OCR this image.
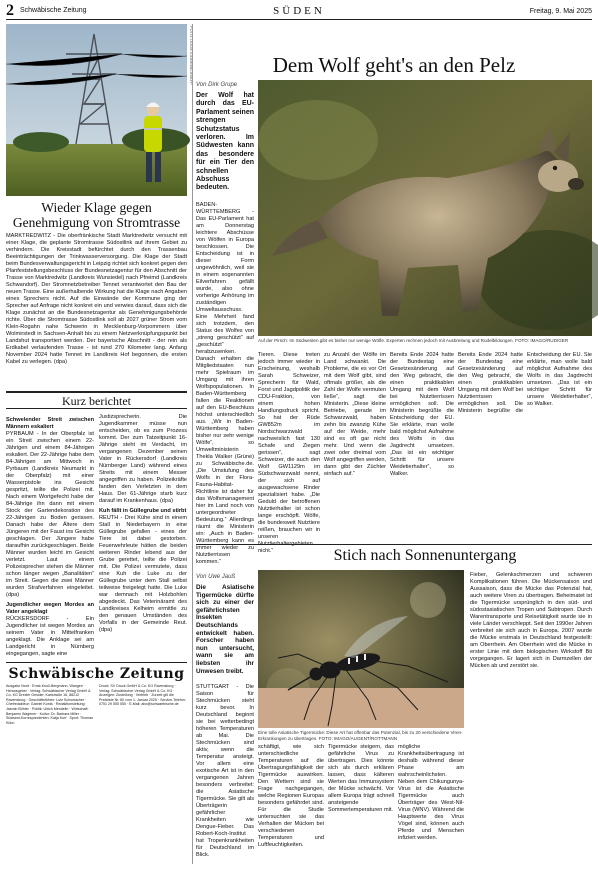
2 Schwäbische Zeitung	SÜDEN	Freitag, 9. Mai 2025
Wieder Klage gegen Genehmigung von Stromtrasse

MARKTREDWITZ - Die oberfränkische Stadt Marktredwitz versucht mit einer Klage, die geplante Stromtrasse Südostlink auf ihrem Gebiet zu verhindern. Die Kreisstadt befürchtet durch den Trassenbau Beeinträchtigungen der Trinkwasserversorgung. Die Klage der Stadt beim Bundesverwaltungsgericht in Leipzig richtet sich konkret gegen den Planfeststellungsbeschluss der Bundesnetzagentur für den Abschnitt der Trasse von Marktredwitz (Landkreis Wunsiedel) nach Pfreimd (Landkreis Schwandorf). Der Stromnetzbetreiber Tennet verantwortet den Bau der neuen Trasse. Eine außerhalbende Wirkung hat die Klage nach Angaben eines Sprechers nicht. Auf die Einwände der Kommune ging der Sprecher auf Anfrage nicht konkret ein und verwies darauf, dass sich die Klage zunächst an die Bundesnetzagentur als Genehmigungsbehörde richte. Über die Stromtrasse Südostlink soll ab 2027 grüner Strom vom Klein-Rogahn nahe Schwerin in Mecklenburg-Vorpommern über Wolmirstedt in Sachsen-Anhalt bis zu einem Netzverknüpfungspunkt bei Landshut transportiert werden. Der bayerische Abschnitt - der rein als Erdkabel verlaufenden Trasse - ist rund 270 Kilometer lang. Anfang November 2024 hatte Tennet im Landkreis Hof begonnen, die ersten Kabel zu verlegen. (dpa)

Kurz berichtet
Schwelender Streit zwischen Männern eskaliert
PYRBAUM - In der Oberpfalz ist ein Streit zwischen einem 22-Jährigen und einem 84-Jährigen eskaliert. Der 22-Jährige habe dem 84-Jährigen am Mittwoch in Pyrbaum (Landkreis Neumarkt in der Oberpfalz) mit einer Wasserpistole ins Gesicht gespritzt, teilte die Polizei mit. Nach einem Wortgefecht habe der 84-Jährige ihn dann mit einem Stock der Gartendekoration des 22-Jährigen zu Boden gerissen. Danach habe der Ältere dem Jüngeren mit der Faust ins Gesicht geschlagen. Der Jüngere habe daraufhin zurückgeschlagen. Beide Männer wurden leicht im Gesicht verletzt. Laut einem Polizeisprecher stehen die Männer schon länger wegen „Banalitäten“ im Streit. Gegen die zwei Männer wurden Strafverfahren eingeleitet. (dpa)
Jugendlicher wegen Mordes an Vater angeklagt
RÜCKERSDORF - Ein Jugendlicher ist wegen Mordes an seinem Vater in Mittelfranken angeklagt. Die Anklage sei am Landgericht in Nürnberg eingegangen, sagte eine
Justizsprecherin. Die Jugendkammer müsse nun entscheiden, ob es zum Prozess kommt. Der zum Tatzeitpunkt 16-Jährige steht im Verdacht, im vergangenen Dezember seinen Vater in Rückersdorf (Landkreis Nürnberger Land) während eines Streits mit einem Messer angegriffen zu haben. Polizeikräfte fanden den Verletzten in dem Haus. Der 61-Jährige starb kurz darauf im Krankenhaus. (dpa)
Kuh fällt in Güllegrube und stirbt
REUTH - Drei Kühe sind in einem Stall in Niederbayern in eine Güllegrube gefallen - eines der Tiere ist dabei gestorben. Feuerwehrleute hätten die beiden weiteren Rinder lebend aus der Grube gerettet, teilte die Polizei mit. Die Polizei vermutete, dass eine Kuh die Luke zu der Güllegrube unter dem Stall selbst teilweise freigelegt hatte. Die Luke war demnach mit Holzbohlen abgedeckt. Das Veterinäramt des Landkreises Kelheim ermittle zu den genauen Umständen des Vorfalls in der Gemeinde Reut. (dpa)
Schwäbische Zeitung
Ausgabe Nord · Ernst-Knoll-Bergmann, Wangen · Herausgeber · Verlag: Schwäbischer Verlag GmbH & Co. KG Drexler Gessler, Karlstraße 16, 88212 Ravensburg · Geschäftsführer: Lutz Schumacher · Chefredakteur: Gabriel Kords · Redaktionsleitung: Jasmin Bühler · Politik: Ulrich Mendelin · Wirtschaft: Benjamin Wagener · Kultur: Dr. Barbara Miller · Südwest-Korrespondenten: Katja Korf · Sport: Thomas Kühn
Druck: SV Druck GmbH & Co. KG Ravensburg · Verlag: Schwäbischer Verlag GmbH & Co. KG · Anzeigen: Zustellung · Vertrieb · Zurzeit gilt die Preisliste Nr. 60 vom 1. Januar 2025 · Service-Telefon: 0751 29 555 555 · E-Mail: abo@schwaebische.de
Dem Wolf geht's an den Pelz
Von Dirk Grupe
Der Wolf hat durch das EU-Parlament seinen strengen Schutzstatus verloren. Im Südwesten kann das besondere für ein Tier den schnellen Abschuss bedeuten.
BADEN-WÜRTTEMBERG - Das EU-Parlament hat am Donnerstag leichtere Abschüsse von Wölfen in Europa beschlossen. Die Entscheidung ist in dieser Form ungewöhnlich, weil sie in einem sogenannten Eilverfahren gefällt wurde, also ohne vorherige Anhörung im zuständigen Umweltausschuss. Eine Mehrheit fand sich trotzdem, den Status des Wolfes von „streng geschützt“ auf „geschützt“ herabzusenken. Danach erhalten die Mitgliedstaaten nun mehr Spielraum im Umgang mit ihren Wolfspopulationen. In Baden-Württemberg fallen die Reaktionen auf den EU-Beschluss höchst unterschiedlich aus. „Wir in Baden-Württemberg haben bisher nur sehr wenige Wölfe“, so Umweltministerin Thekla Walker (Grüne) zu Schwäbische.de. „Die Umstufung des Wolfs in der Flora-Fauna-Habitat-Richtlinie ist daher für das Wolfsmanagement hier im Land noch von untergeordneter Bedeutung.“ Allerdings räumt die Ministerin ein: „Auch in Baden-Württemberg kann es immer wieder zu Nutztierrissen kommen.“
Auf der Pirsch: Im Südwesten gibt es bisher nur wenige Wölfe. Experten rechnen jedoch mit Ausbreitung und Rudelbildungen. FOTO: IMAGO/RUDIGER
Tieren. Diese treten jedoch immer wieder in Erscheinung, weshalb Sarah Schweizer, Sprecherin für Wald, Forst und Jagdpolitik der CDU-Fraktion, von einem hohen Handlungsdruck spricht. So hat der Rüde GW852m im Nordschwarzwald nachweislich fast 130 Schafe und Ziegen gerissen“, sagt Schweizer, die auch den Wolf GW1129m im Südschwarzwald nennt, der sich auf ausgewachsene Rinder spezialisiert habe. „Die Geduld der betroffenen Nutztierhalter ist schon lange erschöpft. Wölfe, die bundesweit Nutztiere reißen, brauchen wir in unseren nicht.“
zu Anzahl der Wölfe im Land schwankt. Die Probleme, die es vor Ort mit dem Wolf gibt, sind oftmals größer, als die Zahl der Wolfe vermuten ließe“, sagt die Ministerin. „Diese kleine Betriebe, gerade im Schwarzwald, haben zehn bis zwanzig Kühe auf der Weide, mehr sind es oft gar nicht mehr. Und wenn die zwei oder dreimal vom Wolf angegriffen werden, dann gibt der Züchter einfach auf.“
Bereits Ende 2024 hatte der Bundestag eine Gesetzesänderung auf den Weg gebracht, die einen praktikablen Umgang mit dem Wolf bei Nutztierrissen ermöglichen soll. Die Ministerin begrüßte die Entscheidung der EU. Sie erklärte, man wolle bald möglichst Aufnahme des Wolfs in das Jagdrecht umsetzen. „Das ist ein wichtiger Schritt für unsere Weidetierhalter“, so Walker.
Bereits Ende 2024 hatte der Bundestag eine Gesetzesänderung auf den Weg gebracht, die einen praktikablen Umgang mit dem Wolf bei Nutztierrissen ermöglichen soll. Die Ministerin begrüßte die Entscheidung der EU. Sie erklärte, man wolle bald möglichst Aufnahme des Wolfs in das Jagdrecht umsetzen. „Das ist ein wichtiger Schritt für unsere Weidetierhalter“, so Walker.
Stich nach Sonnenuntergang
Von Uwe Jauß
Die Asiatische Tigermücke dürfte sich zu einer der gefährlichsten Insekten Deutschlands entwickelt haben. Forscher haben nun untersucht, wann sie am liebsten ihr Unwesen treibt.
STUTTGART - Die Saison für Stechmücken steht kurz bevor. In Deutschland beginnt sie bei wetterbedingt höheren Temperaturen ab Mai. Die Stechmücken sind aktiv, wenn die Temperatur ansteigt. Vor allem eine exotische Art ist in den vergangenen Jahren besonders verbreitet: die Asiatische Tigermücke. Sie gilt als Überträgerin gefährlicher Krankheiten wie Dengue-Fieber. Das Robert-Koch-Institut hat Tropenkrankheiten für Deutschland im Blick.
Eine tolle Asiatische Tigermücke: Diese Art hat offenbar das Potenzial, bis zu 20 verschiedene Viren-Erkrankungen zu übertragen. FOTO: IMAGO/AUGENT/ROTTMANN
schäftigt, wie sich unterschiedliche Temperaturen auf die Übertragungsfähigkeit der Tigermücke auswirken. Den Wettern sind sie Frage nachgegangen, welche Regionen Europas besonders gefährdet sind. Für die Studie untersuchten sie das Verhalten der Mücken bei verschiedenen Temperaturen und Luftfeuchtigkeiten.
Tigermücke steigern, das gefährliche Virus zu übertragen. Dies könnte sich als durch erklären lassen, dass kälteren Werten das Immunsystem der Mücke schwächt. Vor allem Europa trägt schnell ansteigende Sommertemperaturen mit.
mögliche Krankheitsübertragung ist deshalb während dieser Phase am wahrscheinlichsten. Neben dem Chikungunya-Virus ist die Asiatische Tigermücke auch Überträger des West-Nil-Virus (WNV). Während die Hauptwerte des Virus Vögel sind, können auch Pferde und Menschen infiziert werden.
Fieber, Gelenkschmerzen und schweren Komplikationen führen. Die Mückensaison und Aussaison, dass die Mücke das Potenzial hat, auch weitere Viren zu übertragen. Beheimatet ist die Tigermücke ursprünglich in den süd- und südostasiatischen Tropen und Subtropen. Durch Warentransporte und Reisetätigkeit wurde sie in viele Länder verschleppt. Seit den 1990er Jahren verbreitet sie sich auch in Europa. 2007 wurde die Mücke erstmals in Deutschland festgestellt: am Oberrhein. Am Oberrhein wird die Mücke in erster Linie mit dem biologischen Wirkstoff Bti vorgegangen. Er lagert sich in Darmzellen der Mücken ab und zerstört sie.
